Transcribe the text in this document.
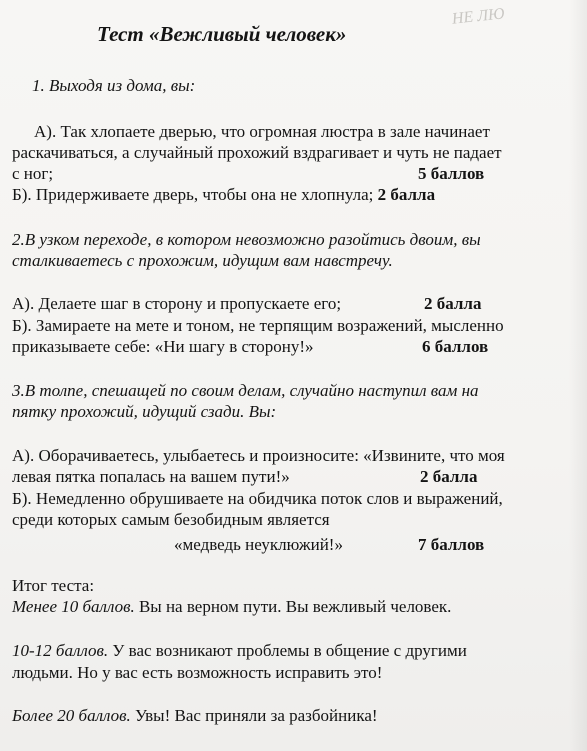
НЕ ЛЮ
Тест «Вежливый человек»
1. Выходя из дома, вы:
А). Так хлопаете дверью, что огромная люстра в зале начинает
раскачиваться, а случайный прохожий вздрагивает и чуть не падает
с ног;	5 баллов
Б). Придерживаете дверь, чтобы она не хлопнула; 2 балла
2.В узком переходе, в котором невозможно разойтись двоим, вы
сталкиваетесь с прохожим, идущим вам навстречу.
А). Делаете шаг в сторону и пропускаете его;	2 балла
Б). Замираете на мете и тоном, не терпящим возражений, мысленно
приказываете себе: «Ни шагу в сторону!»	6 баллов
3.В толпе, спешащей по своим делам, случайно наступил вам на
пятку прохожий, идущий сзади. Вы:
А). Оборачиваетесь, улыбаетесь и произносите: «Извините, что моя
левая пятка попалась на вашем пути!»	2 балла
Б). Немедленно обрушиваете на обидчика поток слов и выражений,
среди которых самым безобидным является
«медведь неуклюжий!»	7 баллов
Итог теста:
Менее 10 баллов. Вы на верном пути. Вы вежливый человек.
10-12 баллов. У вас возникают проблемы в общение с другими
людьми. Но у вас есть возможность исправить это!
Более 20 баллов. Увы! Вас приняли за разбойника!
